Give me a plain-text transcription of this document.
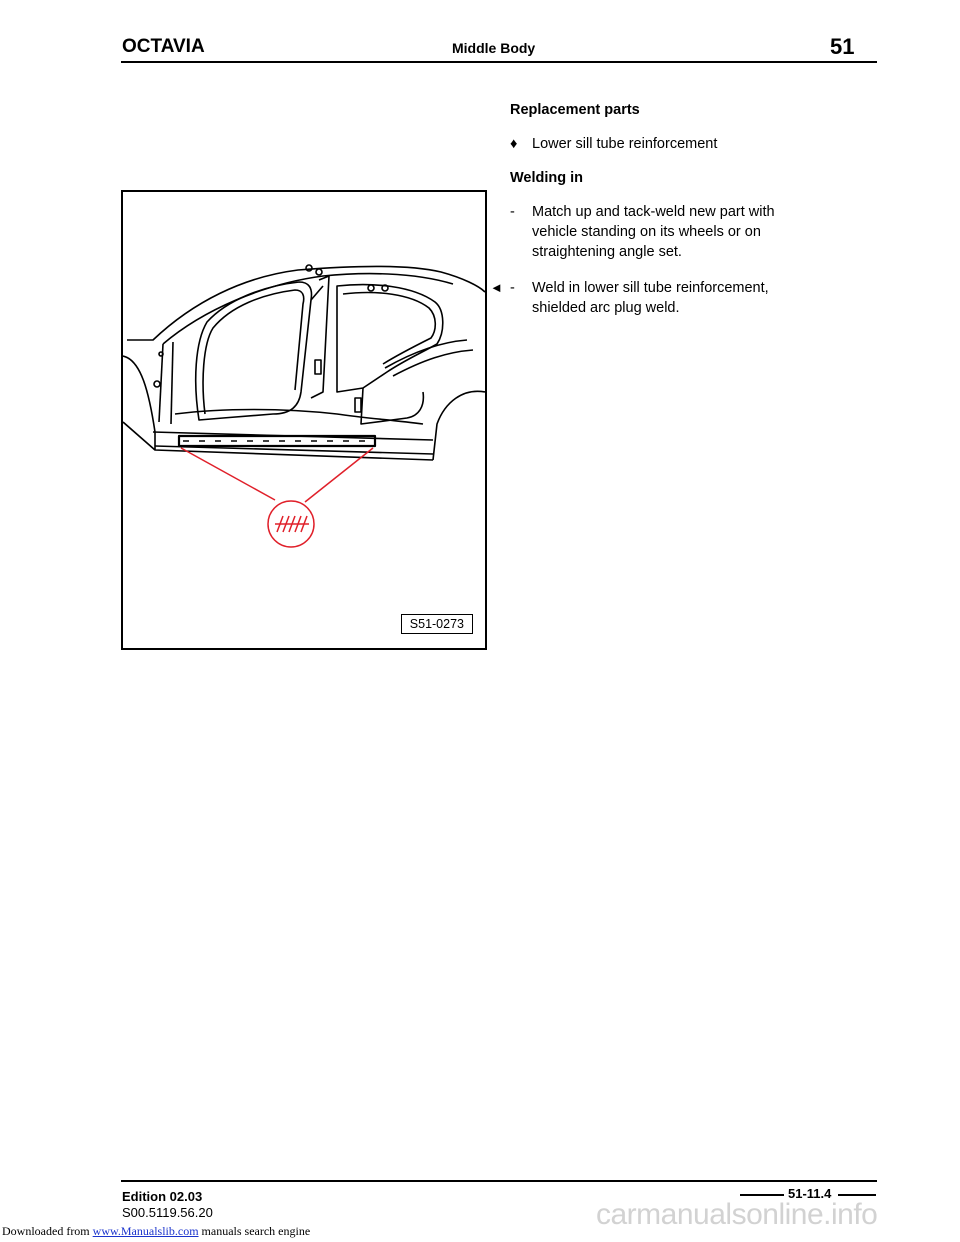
OCTAVIA	Middle Body	51

Replacement parts

♦	Lower sill tube reinforcement

Welding in

-	Match up and tack-weld new part with vehicle standing on its wheels or on straightening angle set.
◄ -	Weld in lower sill tube reinforcement, shielded arc plug weld.
S51-0273
Edition 02.03
S00.5119.56.20
51-11.4
Downloaded from www.Manualslib.com manuals search engine	carmanualsonline.info
